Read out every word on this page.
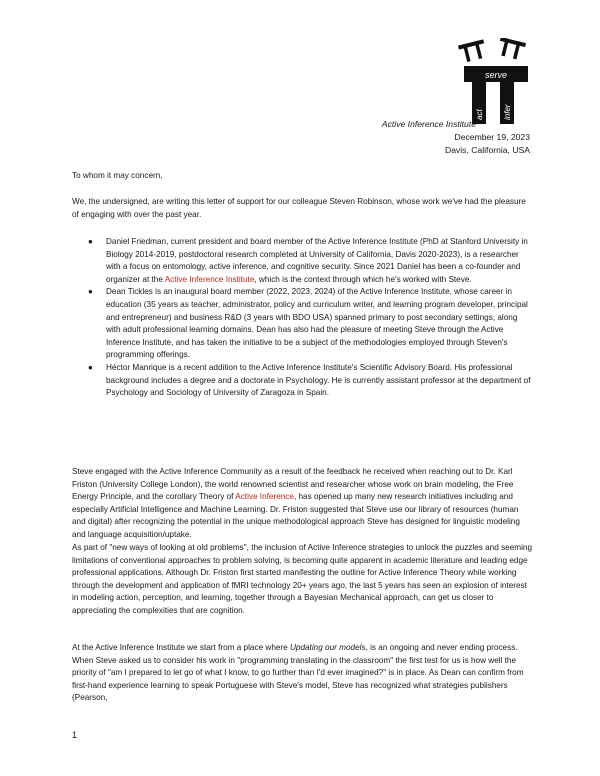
serve
act infer
Active Inference Institute
December 19, 2023
Davis, California, USA

To whom it may concern,

We, the undersigned, are writing this letter of support for our colleague Steven Robinson, whose work we've had the pleasure of engaging with over the past year.

● Daniel Friedman, current president and board member of the Active Inference Institute (PhD at Stanford University in Biology 2014-2019, postdoctoral research completed at University of California, Davis 2020-2023), is a researcher with a focus on entomology, active inference, and cognitive security. Since 2021 Daniel has been a co-founder and organizer at the Active Inference Institute, which is the context through which he's worked with Steve.
● Dean Tickles is an inaugural board member (2022, 2023, 2024) of the Active Inference Institute, whose career in education (35 years as teacher, administrator, policy and curriculum writer, and learning program developer, principal and entrepreneur) and business R&D (3 years with BDO USA) spanned primary to post secondary settings, along with adult professional learning domains. Dean has also had the pleasure of meeting Steve through the Active Inference Institute, and has taken the initiative to be a subject of the methodologies employed through Steven's programming offerings.
● Héctor Manrique is a recent addition to the Active Inference Institute's Scientific Advisory Board. His professional background includes a degree and a doctorate in Psychology. He is currently assistant professor at the department of Psychology and Sociology of University of Zaragoza in Spain.

Steve engaged with the Active Inference Community as a result of the feedback he received when reaching out to Dr. Karl Friston (University College London), the world renowned scientist and researcher whose work on brain modeling, the Free Energy Principle, and the corollary Theory of Active Inference, has opened up many new research initiatives including and especially Artificial Intelligence and Machine Learning. Dr. Friston suggested that Steve use our library of resources (human and digital) after recognizing the potential in the unique methodological approach Steve has designed for linguistic modeling and language acquisition/uptake.

As part of "new ways of looking at old problems", the inclusion of Active Inference strategies to unlock the puzzles and seeming limitations of conventional approaches to problem solving, is becoming quite apparent in academic literature and leading edge professional applications. Although Dr. Friston first started manifesting the outline for Active Inference Theory while working through the development and application of fMRI technology 20+ years ago, the last 5 years has seen an explosion of interest in modeling action, perception, and learning, together through a Bayesian Mechanical approach, can get us closer to appreciating the complexities that are cognition.

At the Active Inference Institute we start from a place where Updating our models, is an ongoing and never ending process. When Steve asked us to consider his work in "programming translating in the classroom" the first test for us is how well the priority of "am I prepared to let go of what I know, to go further than I'd ever imagined?" is in place. As Dean can confirm from first-hand experience learning to speak Portuguese with Steve's model, Steve has recognized what strategies publishers (Pearson,

1
